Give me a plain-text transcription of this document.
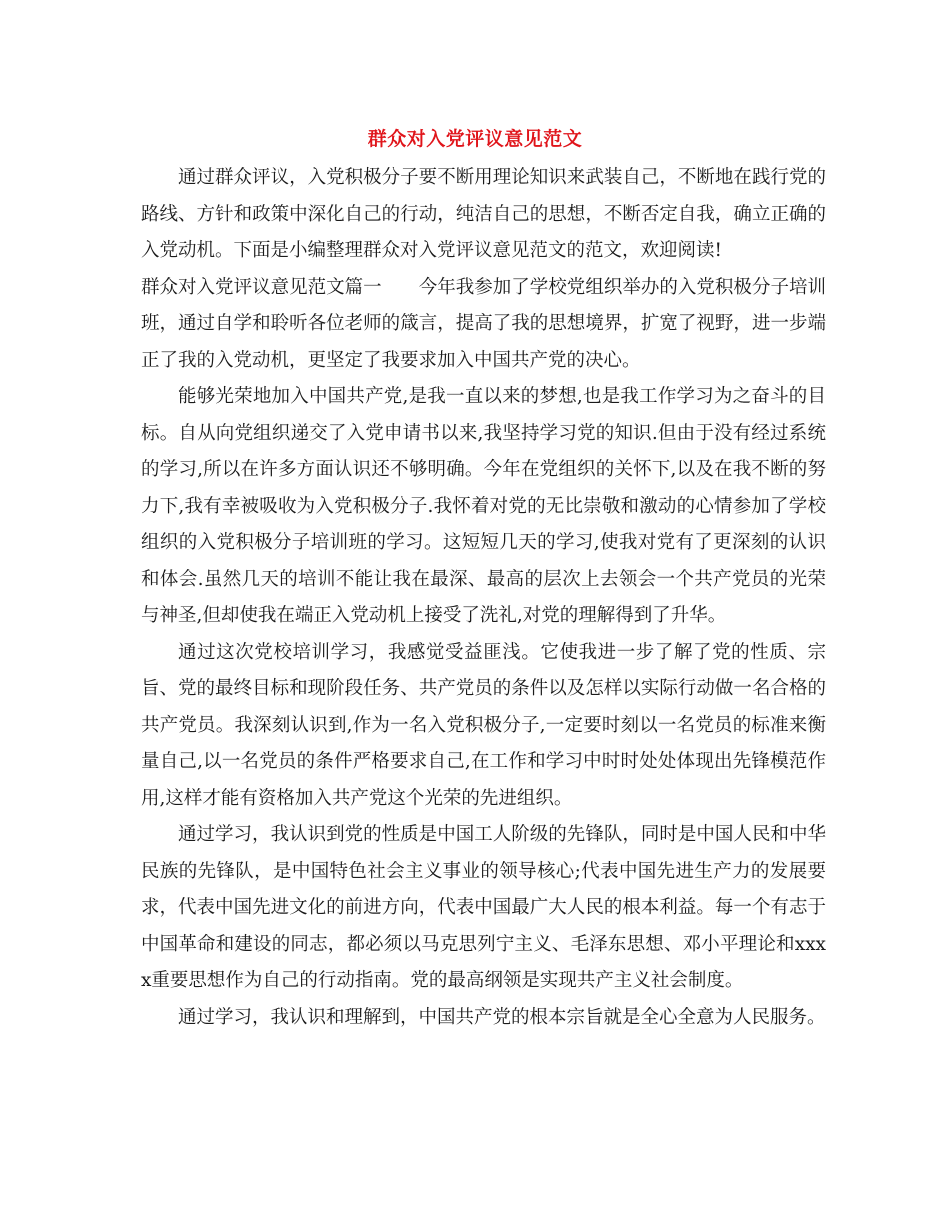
群众对入党评议意见范文

通过群众评议，入党积极分子要不断用理论知识来武装自己，不断地在践行党的路线、方针和政策中深化自己的行动，纯洁自己的思想，不断否定自我，确立正确的入党动机。下面是小编整理群众对入党评议意见范文的范文，欢迎阅读!

群众对入党评议意见范文篇一　　今年我参加了学校党组织举办的入党积极分子培训班，通过自学和聆听各位老师的箴言，提高了我的思想境界，扩宽了视野，进一步端正了我的入党动机，更坚定了我要求加入中国共产党的决心。

能够光荣地加入中国共产党,是我一直以来的梦想,也是我工作学习为之奋斗的目标。自从向党组织递交了入党申请书以来,我坚持学习党的知识.但由于没有经过系统的学习,所以在许多方面认识还不够明确。今年在党组织的关怀下,以及在我不断的努力下,我有幸被吸收为入党积极分子.我怀着对党的无比崇敬和激动的心情参加了学校组织的入党积极分子培训班的学习。这短短几天的学习,使我对党有了更深刻的认识和体会.虽然几天的培训不能让我在最深、最高的层次上去领会一个共产党员的光荣与神圣,但却使我在端正入党动机上接受了洗礼,对党的理解得到了升华。

通过这次党校培训学习，我感觉受益匪浅。它使我进一步了解了党的性质、宗旨、党的最终目标和现阶段任务、共产党员的条件以及怎样以实际行动做一名合格的共产党员。我深刻认识到,作为一名入党积极分子,一定要时刻以一名党员的标准来衡量自己,以一名党员的条件严格要求自己,在工作和学习中时时处处体现出先锋模范作用,这样才能有资格加入共产党这个光荣的先进组织。

通过学习，我认识到党的性质是中国工人阶级的先锋队，同时是中国人民和中华民族的先锋队，是中国特色社会主义事业的领导核心;代表中国先进生产力的发展要求，代表中国先进文化的前进方向，代表中国最广大人民的根本利益。每一个有志于中国革命和建设的同志，都必须以马克思列宁主义、毛泽东思想、邓小平理论和xxxx重要思想作为自己的行动指南。党的最高纲领是实现共产主义社会制度。

通过学习，我认识和理解到，中国共产党的根本宗旨就是全心全意为人民服务。
